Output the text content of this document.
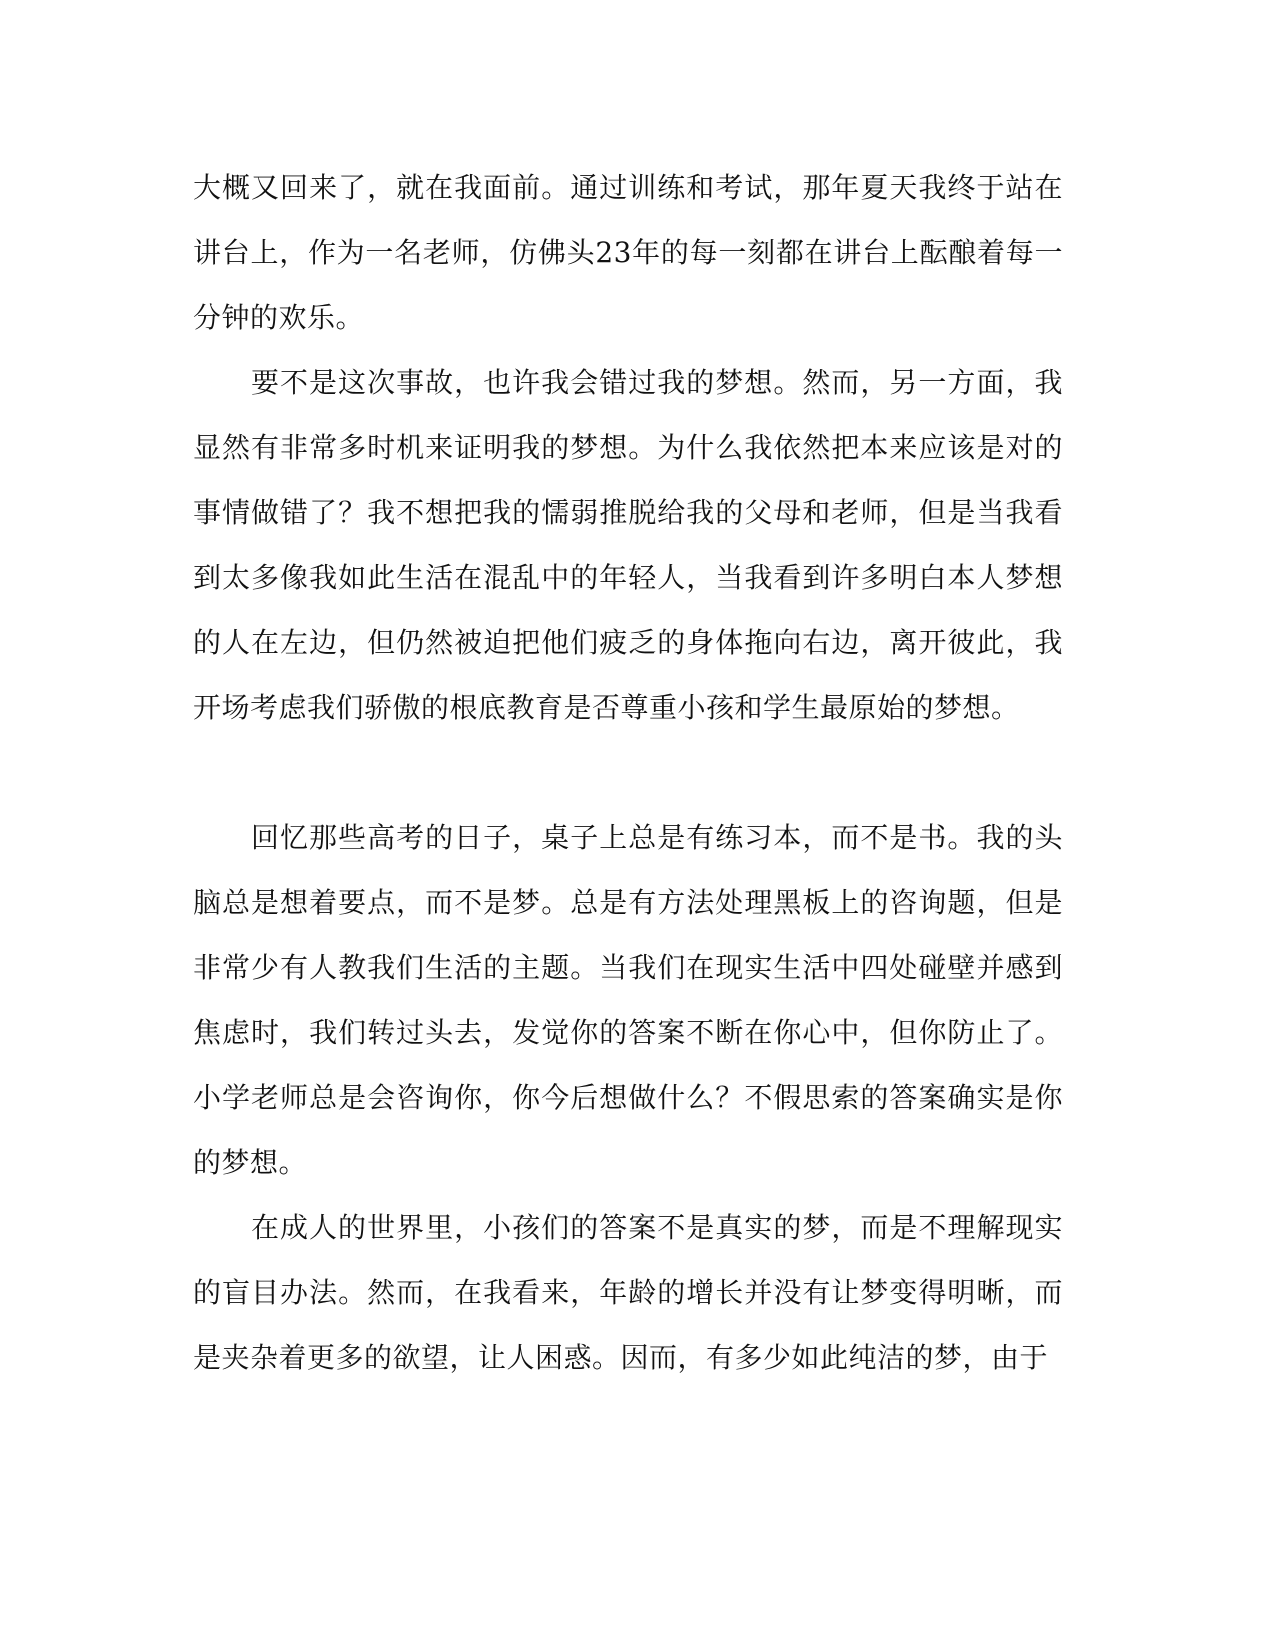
大概又回来了，就在我面前。通过训练和考试，那年夏天我终于站在讲台上，作为一名老师，仿佛头23年的每一刻都在讲台上酝酿着每一分钟的欢乐。

要不是这次事故，也许我会错过我的梦想。然而，另一方面，我显然有非常多时机来证明我的梦想。为什么我依然把本来应该是对的事情做错了？我不想把我的懦弱推脱给我的父母和老师，但是当我看到太多像我如此生活在混乱中的年轻人，当我看到许多明白本人梦想的人在左边，但仍然被迫把他们疲乏的身体拖向右边，离开彼此，我开场考虑我们骄傲的根底教育是否尊重小孩和学生最原始的梦想。

回忆那些高考的日子，桌子上总是有练习本，而不是书。我的头脑总是想着要点，而不是梦。总是有方法处理黑板上的咨询题，但是非常少有人教我们生活的主题。当我们在现实生活中四处碰壁并感到焦虑时，我们转过头去，发觉你的答案不断在你心中，但你防止了。小学老师总是会咨询你，你今后想做什么？不假思索的答案确实是你的梦想。

在成人的世界里，小孩们的答案不是真实的梦，而是不理解现实的盲目办法。然而，在我看来，年龄的增长并没有让梦变得明晰，而是夹杂着更多的欲望，让人困惑。因而，有多少如此纯洁的梦，由于
